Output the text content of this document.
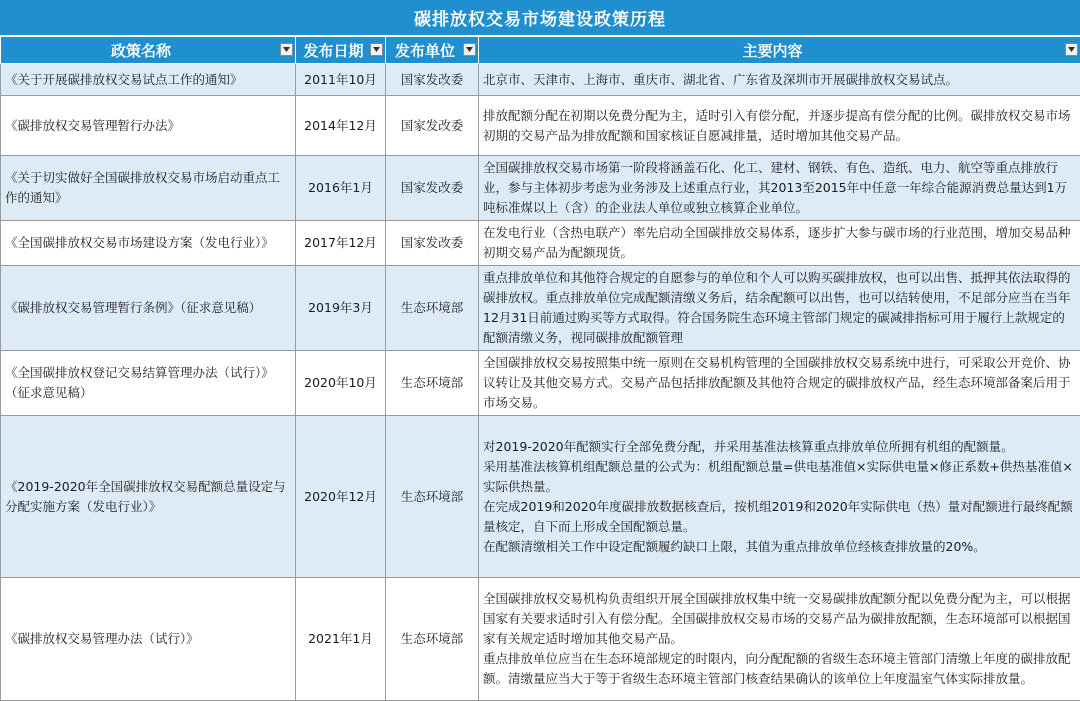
碳排放权交易市场建设政策历程
政策名称	发布日期	发布单位	主要内容

《关于开展碳排放权交易试点工作的通知》	2011年10月	国家发改委	北京市、天津市、上海市、重庆市、湖北省、广东省及深圳市开展碳排放权交易试点。

《碳排放权交易管理暂行办法》	2014年12月	国家发改委	排放配额分配在初期以免费分配为主，适时引入有偿分配，并逐步提高有偿分配的比例。碳排放权交易市场初期的交易产品为排放配额和国家核证自愿减排量，适时增加其他交易产品。

《关于切实做好全国碳排放权交易市场启动重点工作的通知》	2016年1月	国家发改委	全国碳排放权交易市场第一阶段将涵盖石化、化工、建材、钢铁、有色、造纸、电力、航空等重点排放行业，参与主体初步考虑为业务涉及上述重点行业，其2013至2015年中任意一年综合能源消费总量达到1万吨标准煤以上（含）的企业法人单位或独立核算企业单位。

《全国碳排放权交易市场建设方案（发电行业）》	2017年12月	国家发改委	在发电行业（含热电联产）率先启动全国碳排放交易体系，逐步扩大参与碳市场的行业范围，增加交易品种初期交易产品为配额现货。

《碳排放权交易管理暂行条例》（征求意见稿）	2019年3月	生态环境部	重点排放单位和其他符合规定的自愿参与的单位和个人可以购买碳排放权，也可以出售、抵押其依法取得的碳排放权。重点排放单位完成配额清缴义务后，结余配额可以出售，也可以结转使用，不足部分应当在当年12月31日前通过购买等方式取得。符合国务院生态环境主管部门规定的碳减排指标可用于履行上款规定的配额清缴义务，视同碳排放配额管理

《全国碳排放权登记交易结算管理办法（试行）》（征求意见稿）	2020年10月	生态环境部	全国碳排放权交易按照集中统一原则在交易机构管理的全国碳排放权交易系统中进行，可采取公开竞价、协议转让及其他交易方式。交易产品包括排放配额及其他符合规定的碳排放权产品，经生态环境部备案后用于市场交易。

《2019-2020年全国碳排放权交易配额总量设定与分配实施方案（发电行业）》	2020年12月	生态环境部	对2019-2020年配额实行全部免费分配，并采用基准法核算重点排放单位所拥有机组的配额量。
采用基准法核算机组配额总量的公式为：机组配额总量=供电基准值×实际供电量×修正系数+供热基准值×实际供热量。
在完成2019和2020年度碳排放数据核查后，按机组2019和2020年实际供电（热）量对配额进行最终配额量核定，自下而上形成全国配额总量。
在配额清缴相关工作中设定配额履约缺口上限，其值为重点排放单位经核查排放量的20%。

《碳排放权交易管理办法（试行）》	2021年1月	生态环境部	全国碳排放权交易机构负责组织开展全国碳排放权集中统一交易碳排放配额分配以免费分配为主，可以根据国家有关要求适时引入有偿分配。全国碳排放权交易市场的交易产品为碳排放配额，生态环境部可以根据国家有关规定适时增加其他交易产品。
重点排放单位应当在生态环境部规定的时限内，向分配配额的省级生态环境主管部门清缴上年度的碳排放配额。清缴量应当大于等于省级生态环境主管部门核查结果确认的该单位上年度温室气体实际排放量。
